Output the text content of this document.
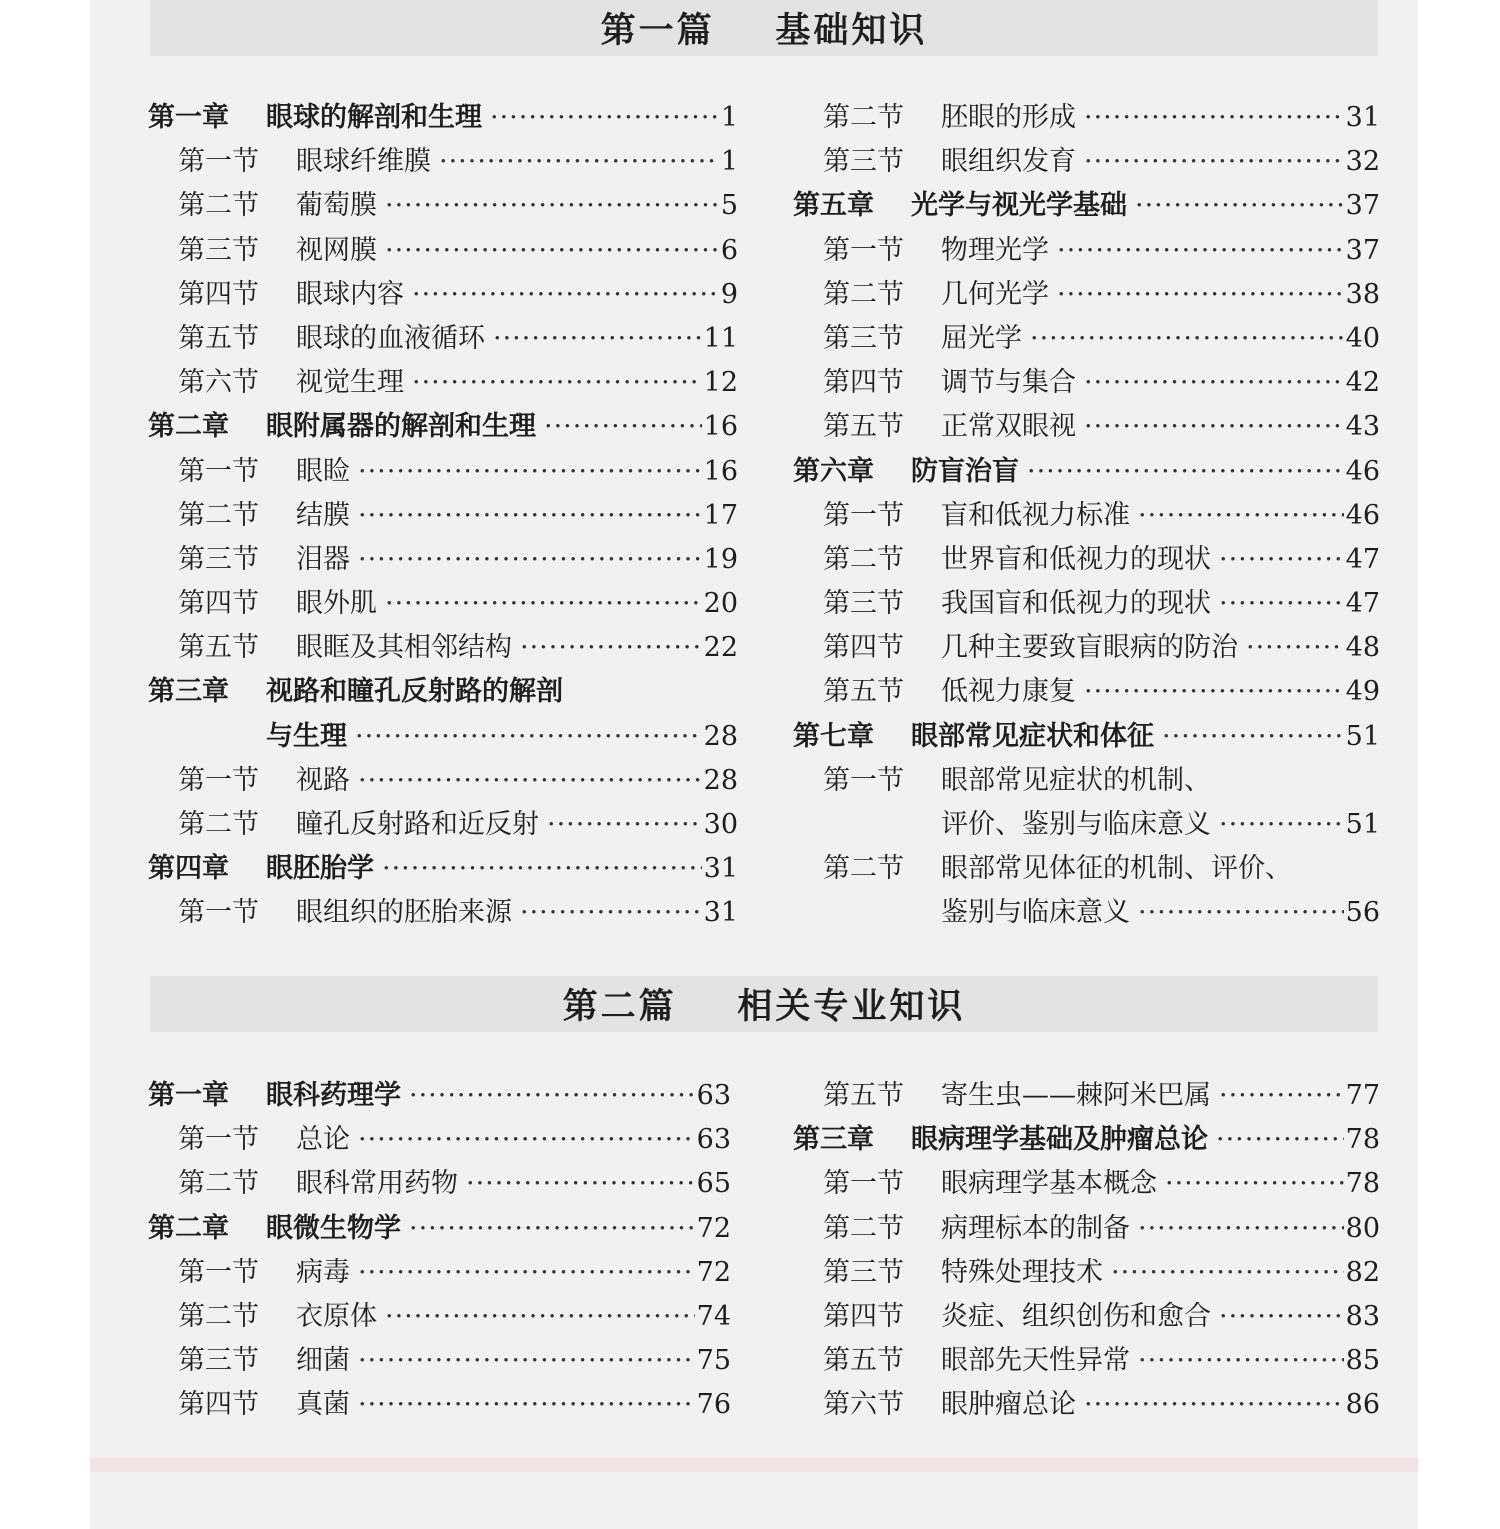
第一篇    基础知识
第一章	眼球的解剖和生理 ·····	1
第一节	眼球纤维膜 ·····	1
第二节	葡萄膜 ·····	5
第三节	视网膜 ·····	6
第四节	眼球内容 ·····	9
第五节	眼球的血液循环 ·····	11
第六节	视觉生理 ·····	12
第二章	眼附属器的解剖和生理 ·····	16
第一节	眼睑 ·····	16
第二节	结膜 ·····	17
第三节	泪器 ·····	19
第四节	眼外肌 ·····	20
第五节	眼眶及其相邻结构 ·····	22
第三章	视路和瞳孔反射路的解剖
与生理 ·····	28
第一节	视路 ·····	28
第二节	瞳孔反射路和近反射 ·····	30
第四章	眼胚胎学 ·····	31
第一节	眼组织的胚胎来源 ·····	31
第二节	胚眼的形成 ·····	31
第三节	眼组织发育 ·····	32
第五章	光学与视光学基础 ·····	37
第一节	物理光学 ·····	37
第二节	几何光学 ·····	38
第三节	屈光学 ·····	40
第四节	调节与集合 ·····	42
第五节	正常双眼视 ·····	43
第六章	防盲治盲 ·····	46
第一节	盲和低视力标准 ·····	46
第二节	世界盲和低视力的现状 ·····	47
第三节	我国盲和低视力的现状 ·····	47
第四节	几种主要致盲眼病的防治 ·····	48
第五节	低视力康复 ·····	49
第七章	眼部常见症状和体征 ·····	51
第一节	眼部常见症状的机制、
评价、鉴别与临床意义 ·····	51
第二节	眼部常见体征的机制、评价、
鉴别与临床意义 ·····	56
第二篇    相关专业知识
第一章	眼科药理学 ·····	63
第一节	总论 ·····	63
第二节	眼科常用药物 ·····	65
第二章	眼微生物学 ·····	72
第一节	病毒 ·····	72
第二节	衣原体 ·····	74
第三节	细菌 ·····	75
第四节	真菌 ·····	76
第五节	寄生虫——棘阿米巴属 ·····	77
第三章	眼病理学基础及肿瘤总论 ·····	78
第一节	眼病理学基本概念 ·····	78
第二节	病理标本的制备 ·····	80
第三节	特殊处理技术 ·····	82
第四节	炎症、组织创伤和愈合 ·····	83
第五节	眼部先天性异常 ·····	85
第六节	眼肿瘤总论 ·····	86
